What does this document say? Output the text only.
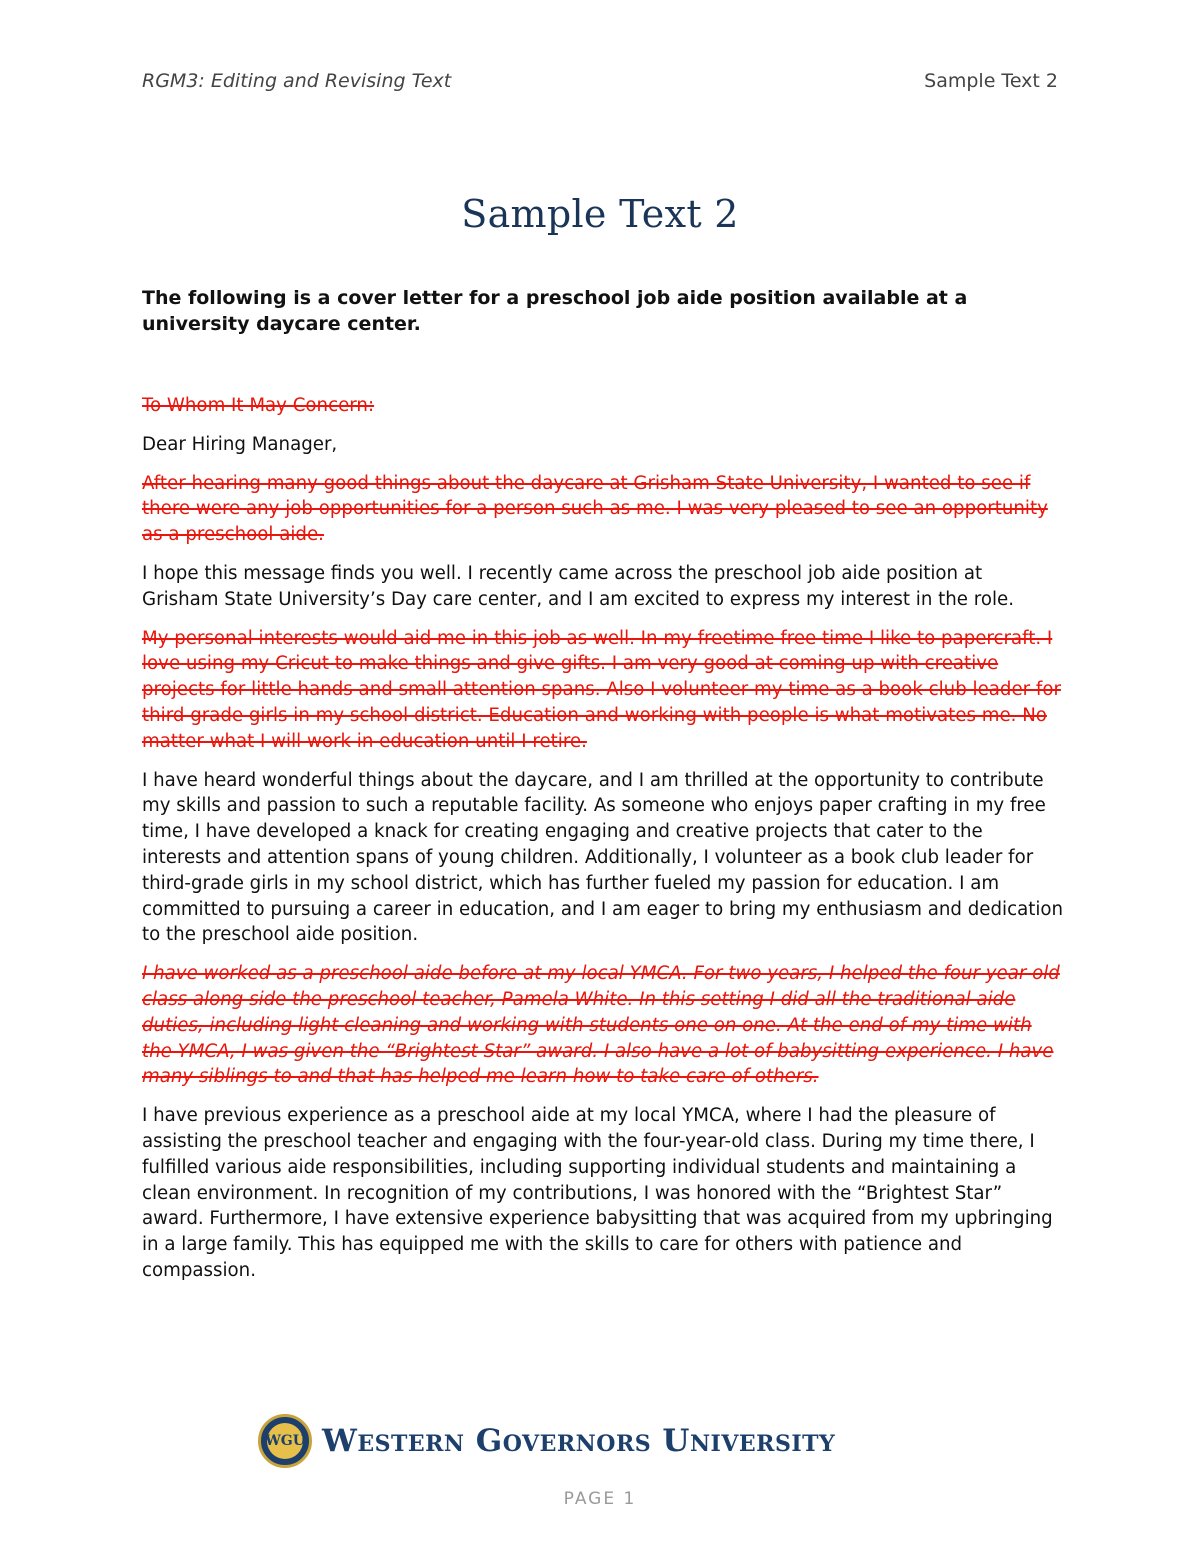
RGM3: Editing and Revising Text	Sample Text 2
Sample Text 2

The following is a cover letter for a preschool job aide position available at a university daycare center.

To Whom It May Concern:

Dear Hiring Manager,

After hearing many good things about the daycare at Grisham State University, I wanted to see if there were any job opportunities for a person such as me. I was very pleased to see an opportunity as a preschool aide.

I hope this message finds you well. I recently came across the preschool job aide position at Grisham State University’s Day care center, and I am excited to express my interest in the role.

My personal interests would aid me in this job as well. In my freetime free time I like to papercraft. I love using my Cricut to make things and give gifts. I am very good at coming up with creative projects for little hands and small attention spans. Also I volunteer my time as a book club leader for third grade girls in my school district. Education and working with people is what motivates me. No matter what I will work in education until I retire.

I have heard wonderful things about the daycare, and I am thrilled at the opportunity to contribute my skills and passion to such a reputable facility. As someone who enjoys paper crafting in my free time, I have developed a knack for creating engaging and creative projects that cater to the interests and attention spans of young children. Additionally, I volunteer as a book club leader for third-grade girls in my school district, which has further fueled my passion for education. I am committed to pursuing a career in education, and I am eager to bring my enthusiasm and dedication to the preschool aide position.

I have worked as a preschool aide before at my local YMCA. For two years, I helped the four year old class along side the preschool teacher, Pamela White. In this setting I did all the traditional aide duties, including light cleaning and working with students one on one. At the end of my time with the YMCA, I was given the “Brightest Star” award. I also have a lot of babysitting experience. I have many siblings to and that has helped me learn how to take care of others.

I have previous experience as a preschool aide at my local YMCA, where I had the pleasure of assisting the preschool teacher and engaging with the four-year-old class. During my time there, I fulfilled various aide responsibilities, including supporting individual students and maintaining a clean environment. In recognition of my contributions, I was honored with the “Brightest Star” award. Furthermore, I have extensive experience babysitting that was acquired from my upbringing in a large family. This has equipped me with the skills to care for others with patience and compassion.

WGU Western Governors University
PAGE 1
